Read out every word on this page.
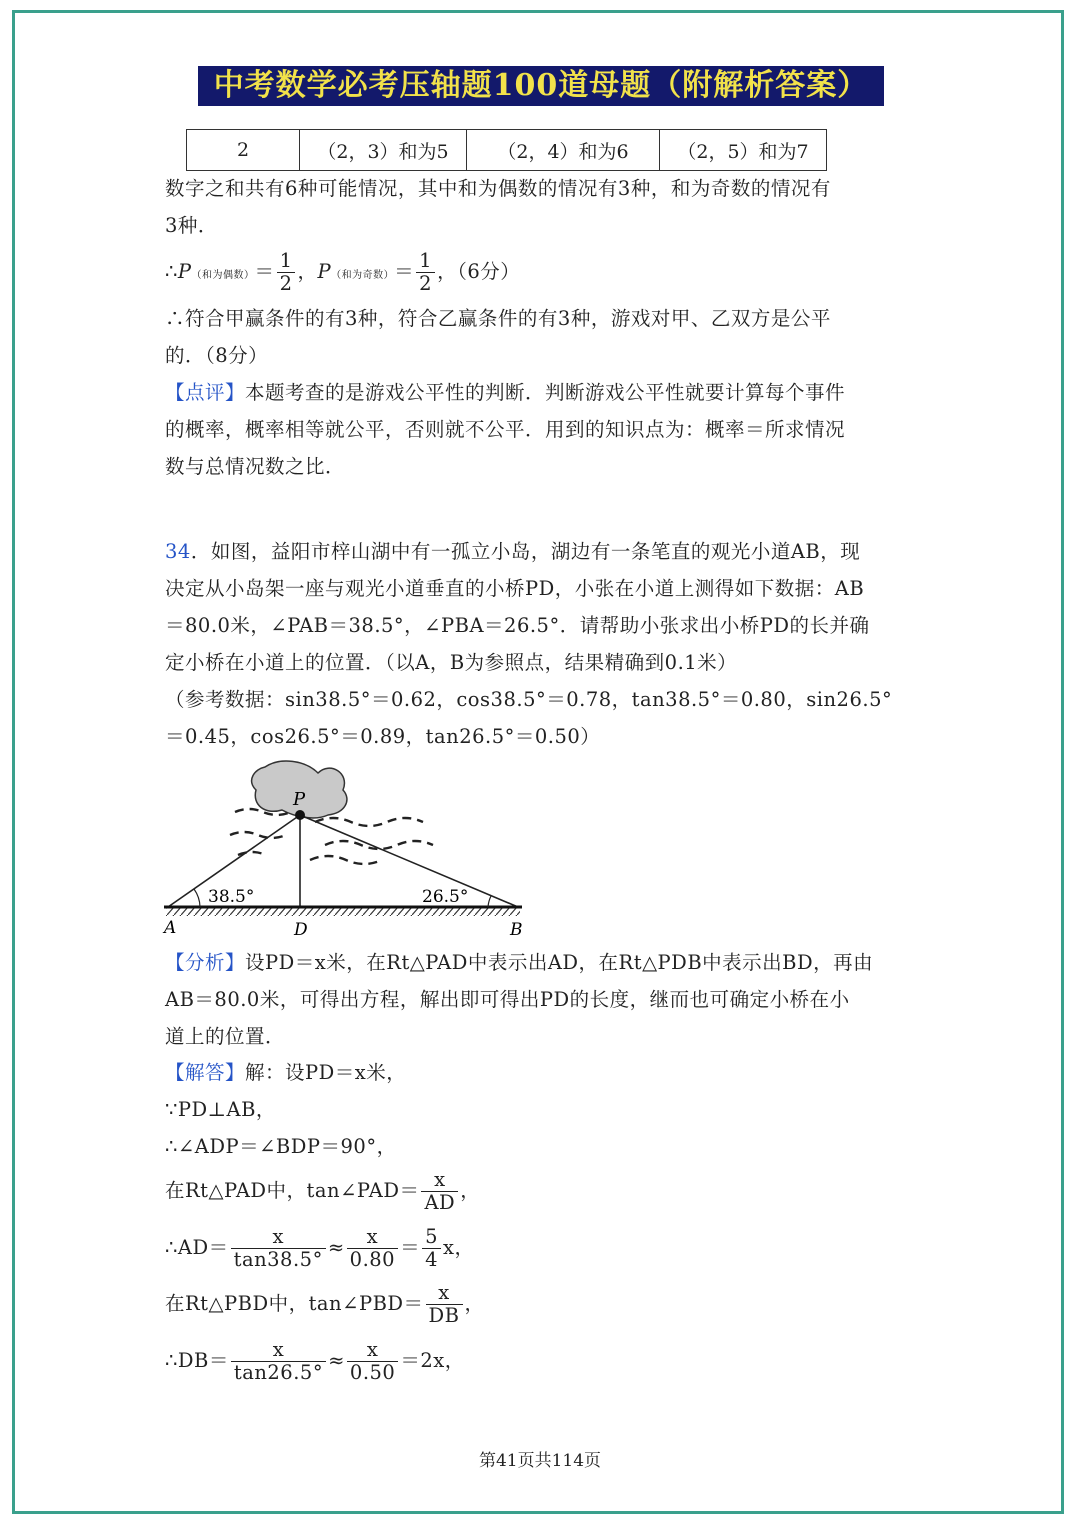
中考数学必考压轴题100道母题（附解析答案）
2	（2，3）和为5	（2，4）和为6	（2，5）和为7
数字之和共有6种可能情况，其中和为偶数的情况有3种，和为奇数的情况有
3种．
∴P（和为偶数）＝ $\frac{1}{2}$ ，P（和为奇数）＝ $\frac{1}{2}$ ，（6分）
∴符合甲赢条件的有3种，符合乙赢条件的有3种，游戏对甲、乙双方是公平
的．（8分）
【点评】本题考查的是游戏公平性的判断．判断游戏公平性就要计算每个事件
的概率，概率相等就公平，否则就不公平．用到的知识点为：概率＝所求情况
数与总情况数之比．
34．如图，益阳市梓山湖中有一孤立小岛，湖边有一条笔直的观光小道AB，现
决定从小岛架一座与观光小道垂直的小桥PD，小张在小道上测得如下数据：AB
＝80.0米，∠PAB＝38.5°，∠PBA＝26.5°．请帮助小张求出小桥PD的长并确
定小桥在小道上的位置．（以A，B为参照点，结果精确到0.1米）
（参考数据：sin38.5°＝0.62，cos38.5°＝0.78，tan38.5°＝0.80，sin26.5°
＝0.45，cos26.5°＝0.89，tan26.5°＝0.50）
P
38.5°	26.5°
A	D	B
【分析】设PD＝x米，在Rt△PAD中表示出AD，在Rt△PDB中表示出BD，再由
AB＝80.0米，可得出方程，解出即可得出PD的长度，继而也可确定小桥在小
道上的位置．
【解答】解：设PD＝x米，
∵PD⊥AB，
∴∠ADP＝∠BDP＝90°，
在Rt△PAD中，tan∠PAD＝ $\frac{x}{AD}$ ，
∴AD＝ $\frac{x}{\tan 38.5^\circ} \approx \frac{x}{0.80} = \frac{5}{4}$ x，
在Rt△PBD中，tan∠PBD＝ $\frac{x}{DB}$ ，
∴DB＝ $\frac{x}{\tan 26.5^\circ} \approx \frac{x}{0.50} =2x$，
第41页共114页
